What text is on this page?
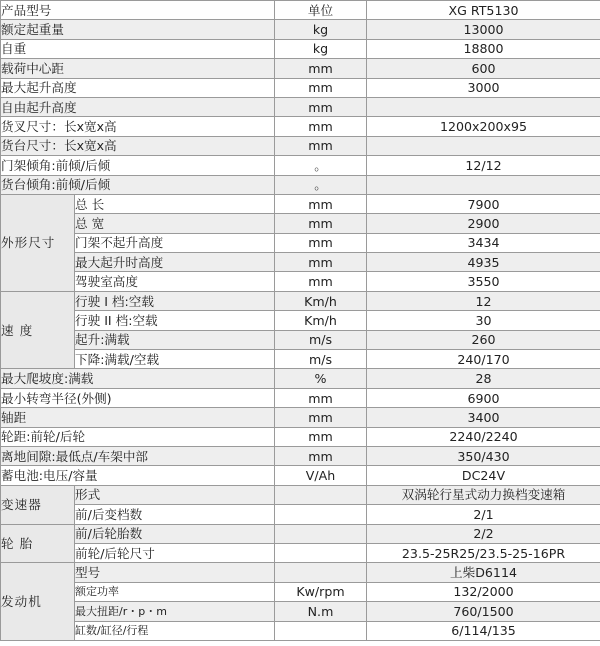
产品型号		单位	XG RT5130
额定起重量		kg	13000
自重		kg	18800
载荷中心距		mm	600
最大起升高度		mm	3000
自由起升高度		mm	
货叉尺寸：长x宽x高		mm	1200x200x95
货台尺寸：长x宽x高		mm	
门架倾角:前倾/后倾		。	12/12
货台倾角:前倾/后倾		。	
外形尺寸	总 长	mm	7900
	总 宽	mm	2900
	门架不起升高度	mm	3434
	最大起升时高度	mm	4935
	驾驶室高度	mm	3550
速 度	行驶 I 档:空载	Km/h	12
	行驶 II 档:空载	Km/h	30
	起升:满载	m/s	260
	下降:满载/空载	m/s	240/170
最大爬坡度:满载		%	28
最小转弯半径(外侧)		mm	6900
轴距		mm	3400
轮距:前轮/后轮		mm	2240/2240
离地间隙:最低点/车架中部		mm	350/430
蓄电池:电压/容量		V/Ah	DC24V
变速器	形式		双涡轮行星式动力换档变速箱
	前/后变档数		2/1
轮 胎	前/后轮胎数		2/2
	前轮/后轮尺寸		23.5-25R25/23.5-25-16PR
发动机	型号		上柴D6114
	额定功率	Kw/rpm	132/2000
	最大扭距/r・p・m	N.m	760/1500
	缸数/缸径/行程		6/114/135
